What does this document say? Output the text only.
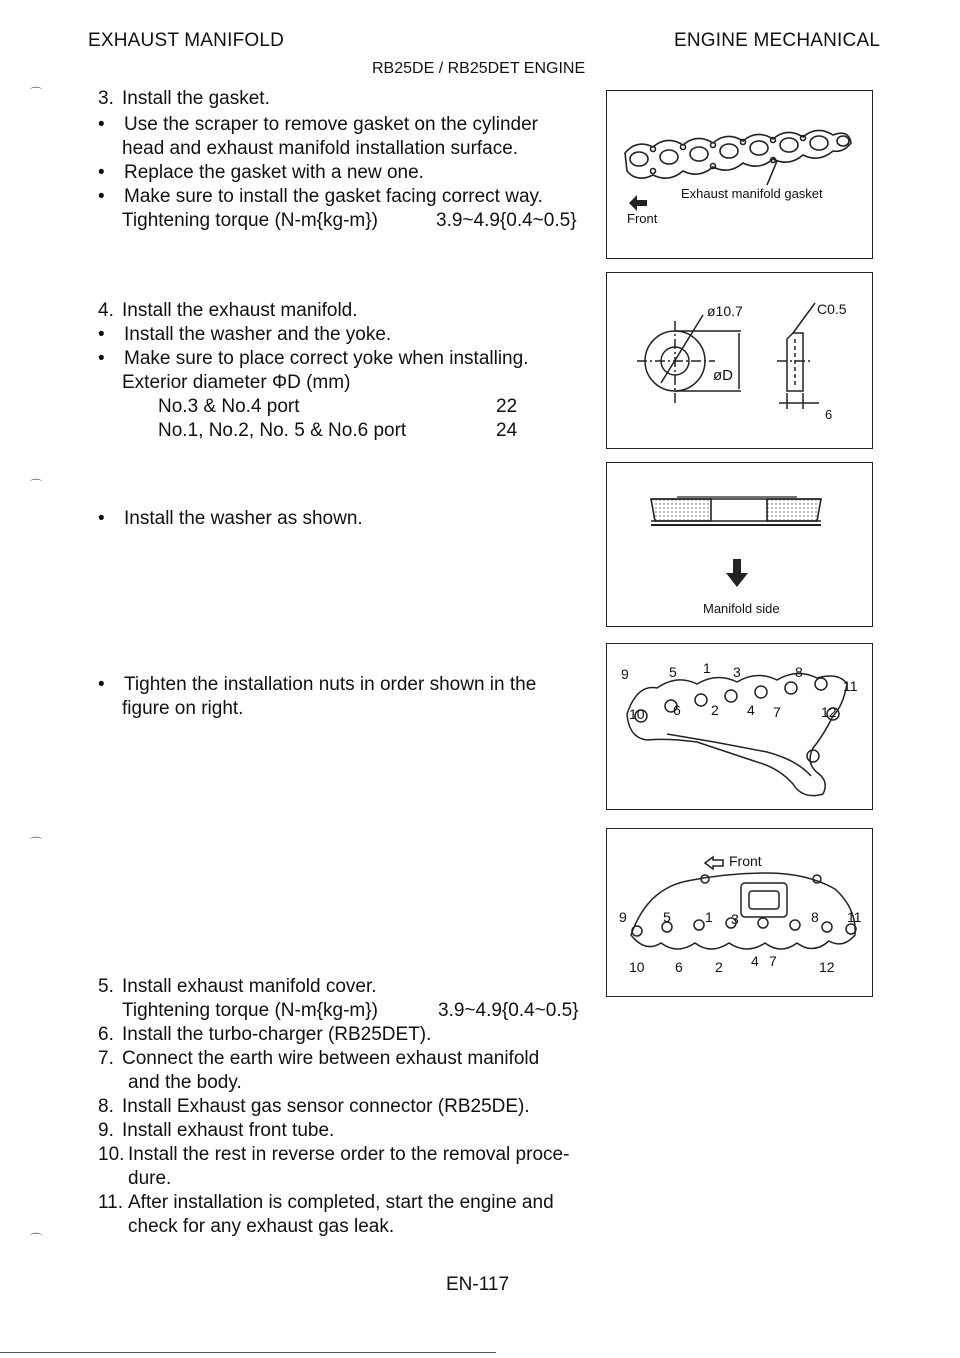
EXHAUST MANIFOLD	ENGINE MECHANICAL
RB25DE / RB25DET ENGINE
⌒
⌒
⌒
⌒
3. Install the gasket.
• Use the scraper to remove gasket on the cylinder
head and exhaust manifold installation surface.
• Replace the gasket with a new one.
• Make sure to install the gasket facing correct way.
Tightening torque (N-m{kg-m})	3.9~4.9{0.4~0.5}
4. Install the exhaust manifold.
• Install the washer and the yoke.
• Make sure to place correct yoke when installing.
Exterior diameter ΦD (mm)
No.3 & No.4 port	22
No.1, No.2, No. 5 & No.6 port	24
• Install the washer as shown.
• Tighten the installation nuts in order shown in the
figure on right.
5. Install exhaust manifold cover.
Tightening torque (N-m{kg-m})	3.9~4.9{0.4~0.5}
6. Install the turbo-charger (RB25DET).
7. Connect the earth wire between exhaust manifold
and the body.
8. Install Exhaust gas sensor connector (RB25DE).
9. Install exhaust front tube.
10. Install the rest in reverse order to the removal proce-
dure.
11. After installation is completed, start the engine and
check for any exhaust gas leak.
Exhaust manifold gasket
Front
ø10.7	C0.5
øD
6
Manifold side
9	5 1 3	8
11
10 6 2 4 7	12
Front
9	5 1 3	8 11
10 6 2 4 7	12
EN-117
